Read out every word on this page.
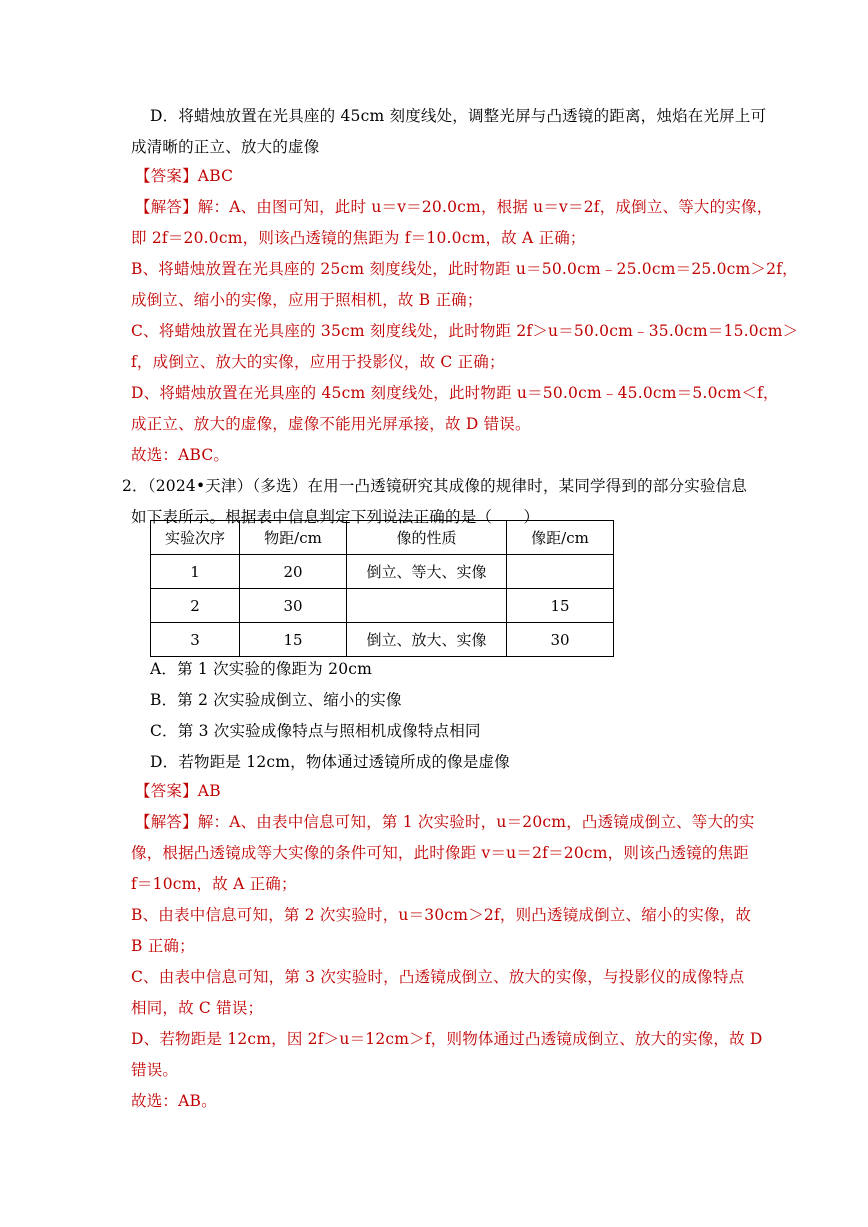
D．将蜡烛放置在光具座的 45cm 刻度线处，调整光屏与凸透镜的距离，烛焰在光屏上可
成清晰的正立、放大的虚像
【答案】ABC
【解答】解：A、由图可知，此时 u＝v＝20.0cm，根据 u＝v＝2f，成倒立、等大的实像，
即 2f＝20.0cm，则该凸透镜的焦距为 f＝10.0cm，故 A 正确；
B、将蜡烛放置在光具座的 25cm 刻度线处，此时物距 u＝50.0cm﹣25.0cm＝25.0cm＞2f，
成倒立、缩小的实像，应用于照相机，故 B 正确；
C、将蜡烛放置在光具座的 35cm 刻度线处，此时物距 2f＞u＝50.0cm﹣35.0cm＝15.0cm＞
f，成倒立、放大的实像，应用于投影仪，故 C 正确；
D、将蜡烛放置在光具座的 45cm 刻度线处，此时物距 u＝50.0cm﹣45.0cm＝5.0cm＜f，
成正立、放大的虚像，虚像不能用光屏承接，故 D 错误。
故选：ABC。
2．（2024•天津）（多选）在用一凸透镜研究其成像的规律时，某同学得到的部分实验信息
如下表所示。根据表中信息判定下列说法正确的是（　　）
实验次序	物距/cm	像的性质	像距/cm
1	20	倒立、等大、实像	
2	30		15
3	15	倒立、放大、实像	30
A．第 1 次实验的像距为 20cm
B．第 2 次实验成倒立、缩小的实像
C．第 3 次实验成像特点与照相机成像特点相同
D．若物距是 12cm，物体通过透镜所成的像是虚像
【答案】AB
【解答】解：A、由表中信息可知，第 1 次实验时，u＝20cm，凸透镜成倒立、等大的实
像，根据凸透镜成等大实像的条件可知，此时像距 v＝u＝2f＝20cm，则该凸透镜的焦距
f＝10cm，故 A 正确；
B、由表中信息可知，第 2 次实验时，u＝30cm＞2f，则凸透镜成倒立、缩小的实像，故
B 正确；
C、由表中信息可知，第 3 次实验时，凸透镜成倒立、放大的实像，与投影仪的成像特点
相同，故 C 错误；
D、若物距是 12cm，因 2f＞u＝12cm＞f，则物体通过凸透镜成倒立、放大的实像，故 D
错误。
故选：AB。
